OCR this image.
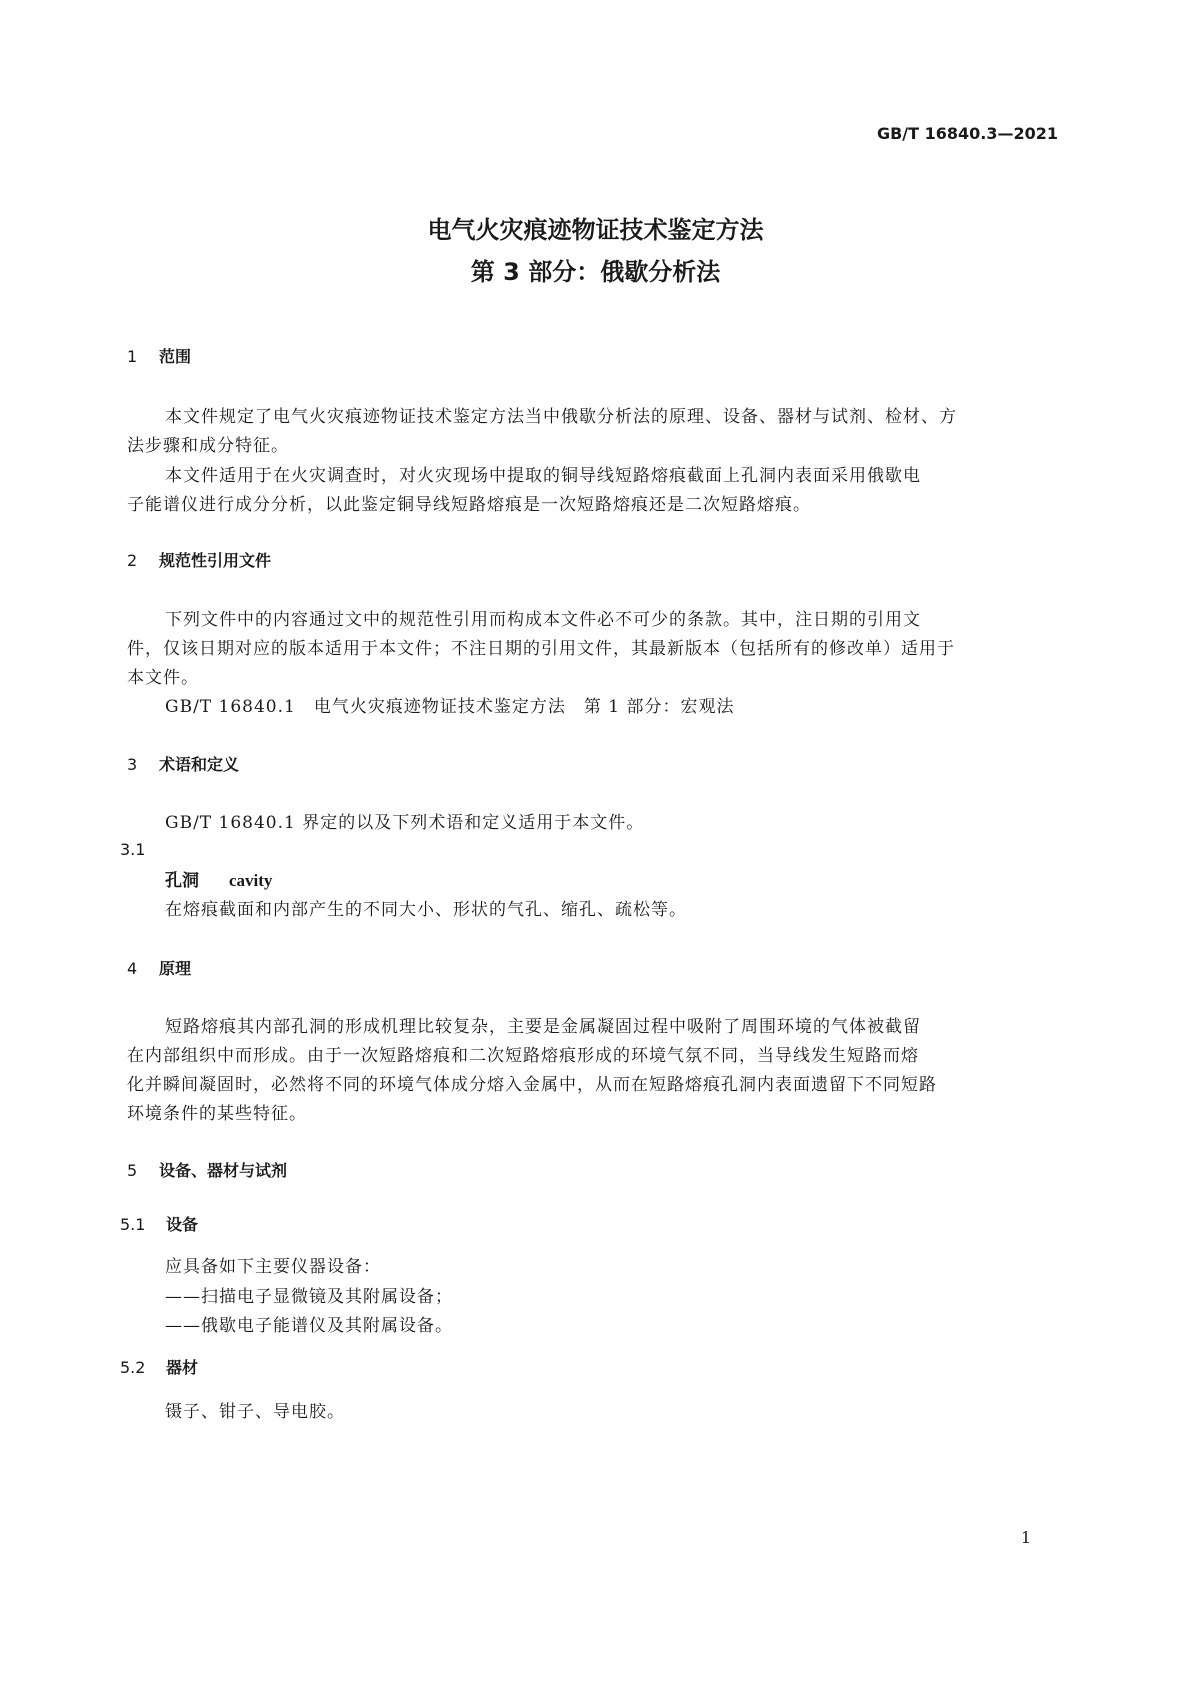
GB/T 16840.3—2021
电气火灾痕迹物证技术鉴定方法
第 3 部分：俄歇分析法
1 范围
本文件规定了电气火灾痕迹物证技术鉴定方法当中俄歇分析法的原理、设备、器材与试剂、检材、方
法步骤和成分特征。
本文件适用于在火灾调查时，对火灾现场中提取的铜导线短路熔痕截面上孔洞内表面采用俄歇电
子能谱仪进行成分分析，以此鉴定铜导线短路熔痕是一次短路熔痕还是二次短路熔痕。
2 规范性引用文件
下列文件中的内容通过文中的规范性引用而构成本文件必不可少的条款。其中，注日期的引用文
件，仅该日期对应的版本适用于本文件；不注日期的引用文件，其最新版本（包括所有的修改单）适用于
本文件。
GB/T 16840.1　电气火灾痕迹物证技术鉴定方法　第 1 部分：宏观法
3 术语和定义
GB/T 16840.1 界定的以及下列术语和定义适用于本文件。
3.1
孔洞 cavity
在熔痕截面和内部产生的不同大小、形状的气孔、缩孔、疏松等。
4 原理
短路熔痕其内部孔洞的形成机理比较复杂，主要是金属凝固过程中吸附了周围环境的气体被截留
在内部组织中而形成。由于一次短路熔痕和二次短路熔痕形成的环境气氛不同，当导线发生短路而熔
化并瞬间凝固时，必然将不同的环境气体成分熔入金属中，从而在短路熔痕孔洞内表面遗留下不同短路
环境条件的某些特征。
5 设备、器材与试剂
5.1 设备
应具备如下主要仪器设备：
——扫描电子显微镜及其附属设备；
——俄歇电子能谱仪及其附属设备。
5.2 器材
镊子、钳子、导电胶。
1
